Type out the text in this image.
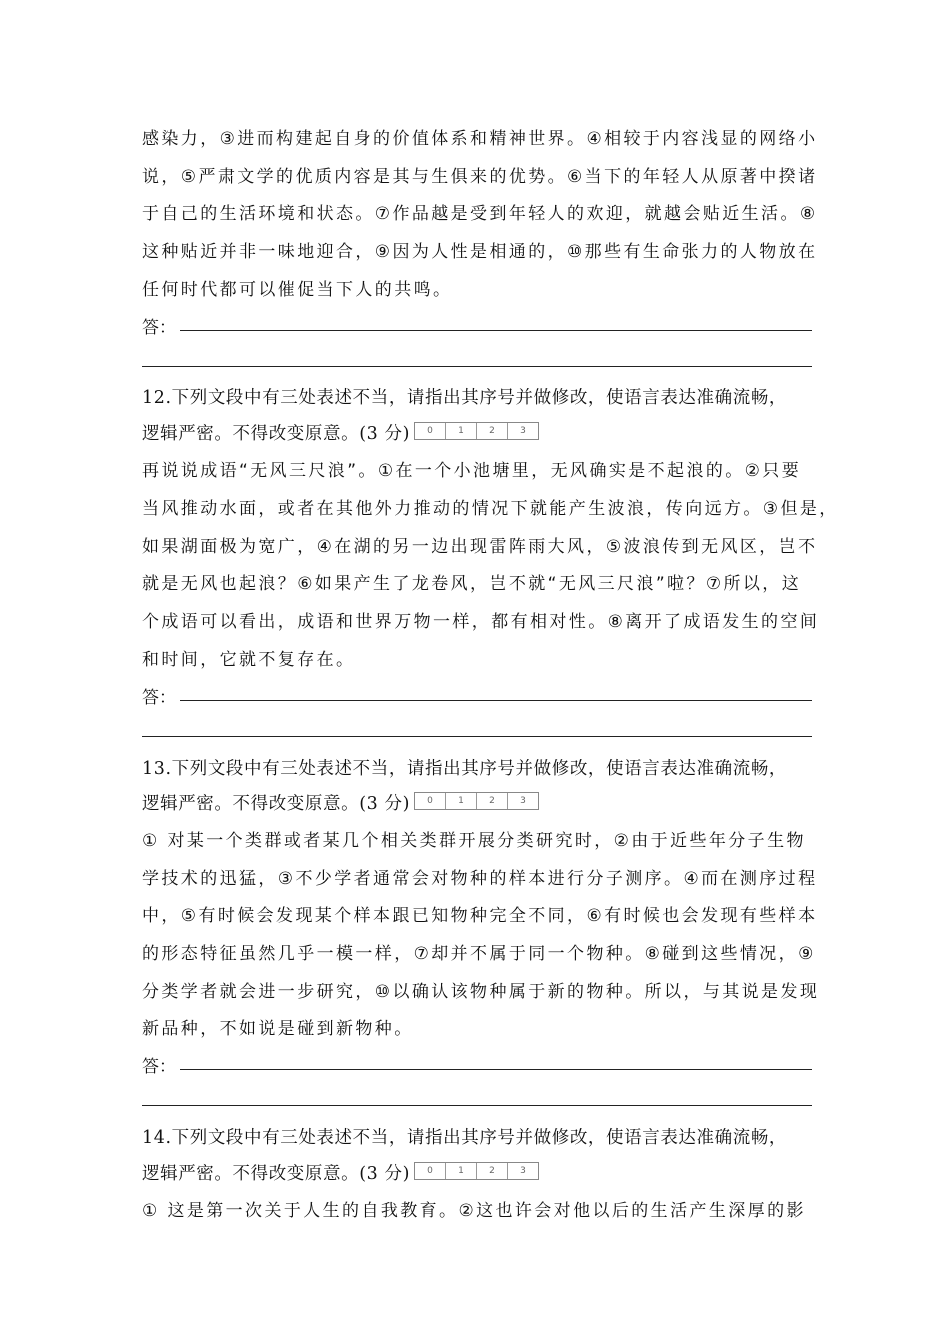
感染力，③进而构建起自身的价值体系和精神世界。④相较于内容浅显的网络小
说，⑤严肃文学的优质内容是其与生俱来的优势。⑥当下的年轻人从原著中揆诸
于自己的生活环境和状态。⑦作品越是受到年轻人的欢迎，就越会贴近生活。⑧
这种贴近并非一味地迎合，⑨因为人性是相通的，⑩那些有生命张力的人物放在
任何时代都可以催促当下人的共鸣。
答：
12.下列文段中有三处表述不当，请指出其序号并做修改，使语言表达准确流畅，
逻辑严密。不得改变原意。(3 分)	0	1	2	3
再说说成语“无风三尺浪”。①在一个小池塘里，无风确实是不起浪的。②只要
当风推动水面，或者在其他外力推动的情况下就能产生波浪，传向远方。③但是，
如果湖面极为宽广，④在湖的另一边出现雷阵雨大风，⑤波浪传到无风区，岂不
就是无风也起浪？⑥如果产生了龙卷风，岂不就“无风三尺浪”啦？⑦所以，这
个成语可以看出，成语和世界万物一样，都有相对性。⑧离开了成语发生的空间
和时间，它就不复存在。
答：
13.下列文段中有三处表述不当，请指出其序号并做修改，使语言表达准确流畅，
逻辑严密。不得改变原意。(3 分)	0	1	2	3
① 对某一个类群或者某几个相关类群开展分类研究时，②由于近些年分子生物
学技术的迅猛，③不少学者通常会对物种的样本进行分子测序。④而在测序过程
中，⑤有时候会发现某个样本跟已知物种完全不同，⑥有时候也会发现有些样本
的形态特征虽然几乎一模一样，⑦却并不属于同一个物种。⑧碰到这些情况，⑨
分类学者就会进一步研究，⑩以确认该物种属于新的物种。所以，与其说是发现
新品种，不如说是碰到新物种。
答：
14.下列文段中有三处表述不当，请指出其序号并做修改，使语言表达准确流畅，
逻辑严密。不得改变原意。(3 分)	0	1	2	3
① 这是第一次关于人生的自我教育。②这也许会对他以后的生活产生深厚的影
